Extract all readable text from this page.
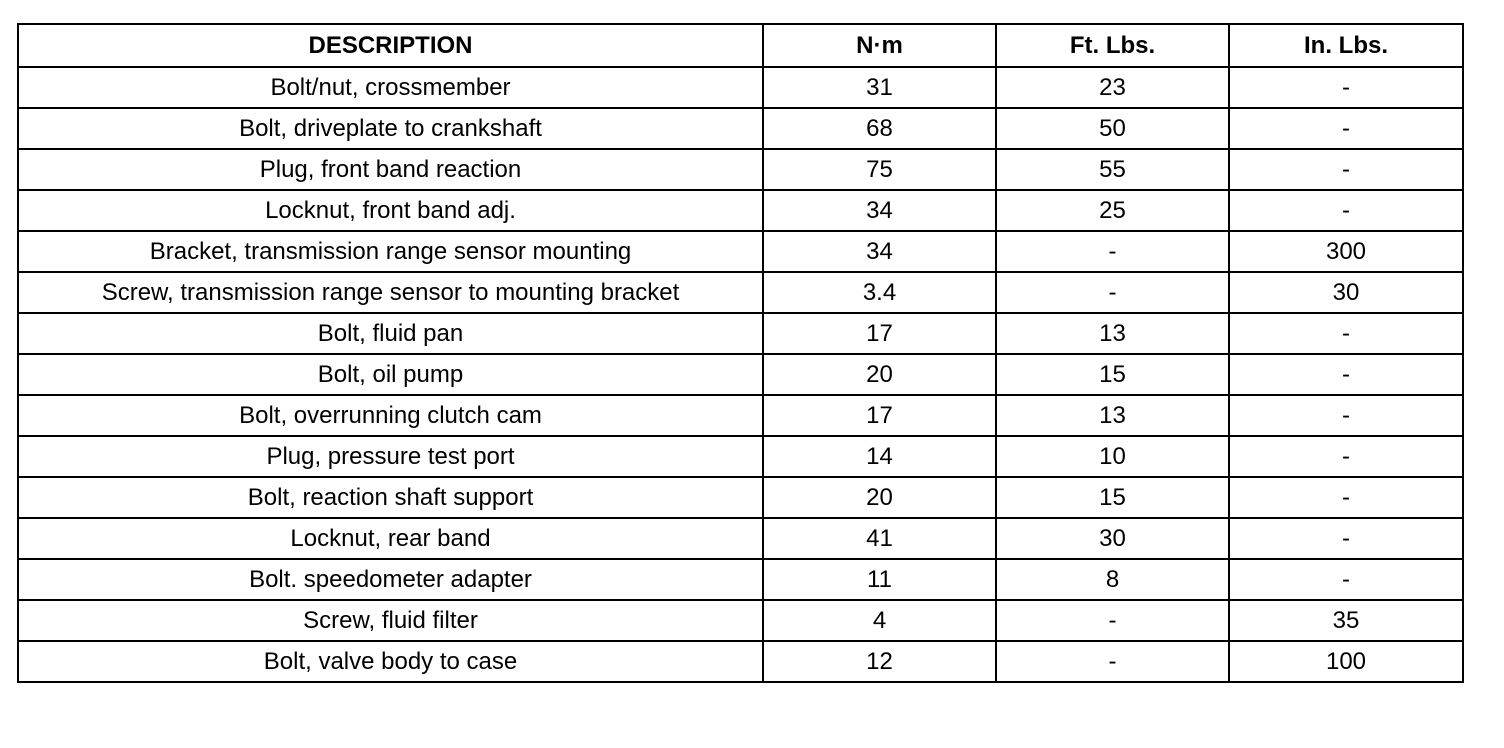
DESCRIPTION	N·m	Ft. Lbs.	In. Lbs.
Bolt/nut, crossmember	31	23	-
Bolt, driveplate to crankshaft	68	50	-
Plug, front band reaction	75	55	-
Locknut, front band adj.	34	25	-
Bracket, transmission range sensor mounting	34	-	300
Screw, transmission range sensor to mounting bracket	3.4	-	30
Bolt, fluid pan	17	13	-
Bolt, oil pump	20	15	-
Bolt, overrunning clutch cam	17	13	-
Plug, pressure test port	14	10	-
Bolt, reaction shaft support	20	15	-
Locknut, rear band	41	30	-
Bolt. speedometer adapter	11	8	-
Screw, fluid filter	4	-	35
Bolt, valve body to case	12	-	100
